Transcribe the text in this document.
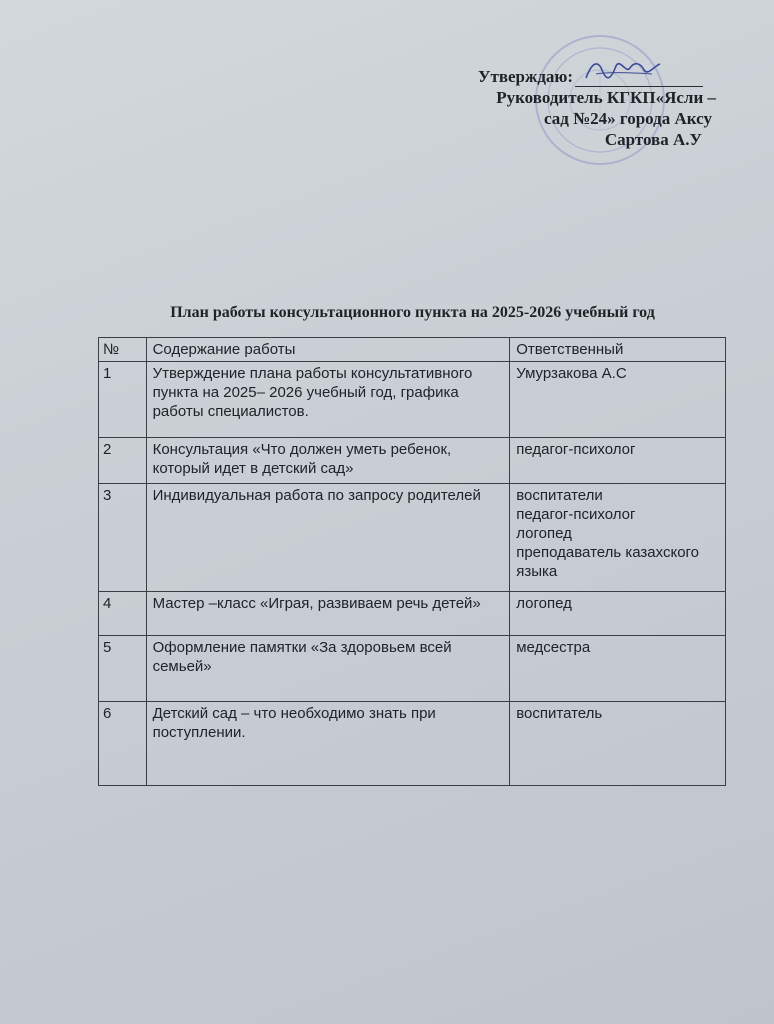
Утверждаю:
Руководитель КГКП«Ясли –
сад №24» города Аксу
Сартова А.У
План работы консультационного пункта на 2025-2026 учебный год
№	Содержание работы	Ответственный
1	Утверждение плана работы консультативного пункта на 2025– 2026 учебный год, графика работы специалистов.	Умурзакова А.С

2	Консультация «Что должен уметь ребенок, который идет в детский сад»	педагог-психолог

3	Индивидуальная работа по запросу родителей	воспитатели
педагог-психолог
логопед
преподаватель казахского языка

4	Мастер –класс «Играя, развиваем речь детей»	логопед

5	Оформление памятки «За здоровьем всей семьей»	медсестра

6	Детский сад – что необходимо знать при поступлении.	воспитатель
